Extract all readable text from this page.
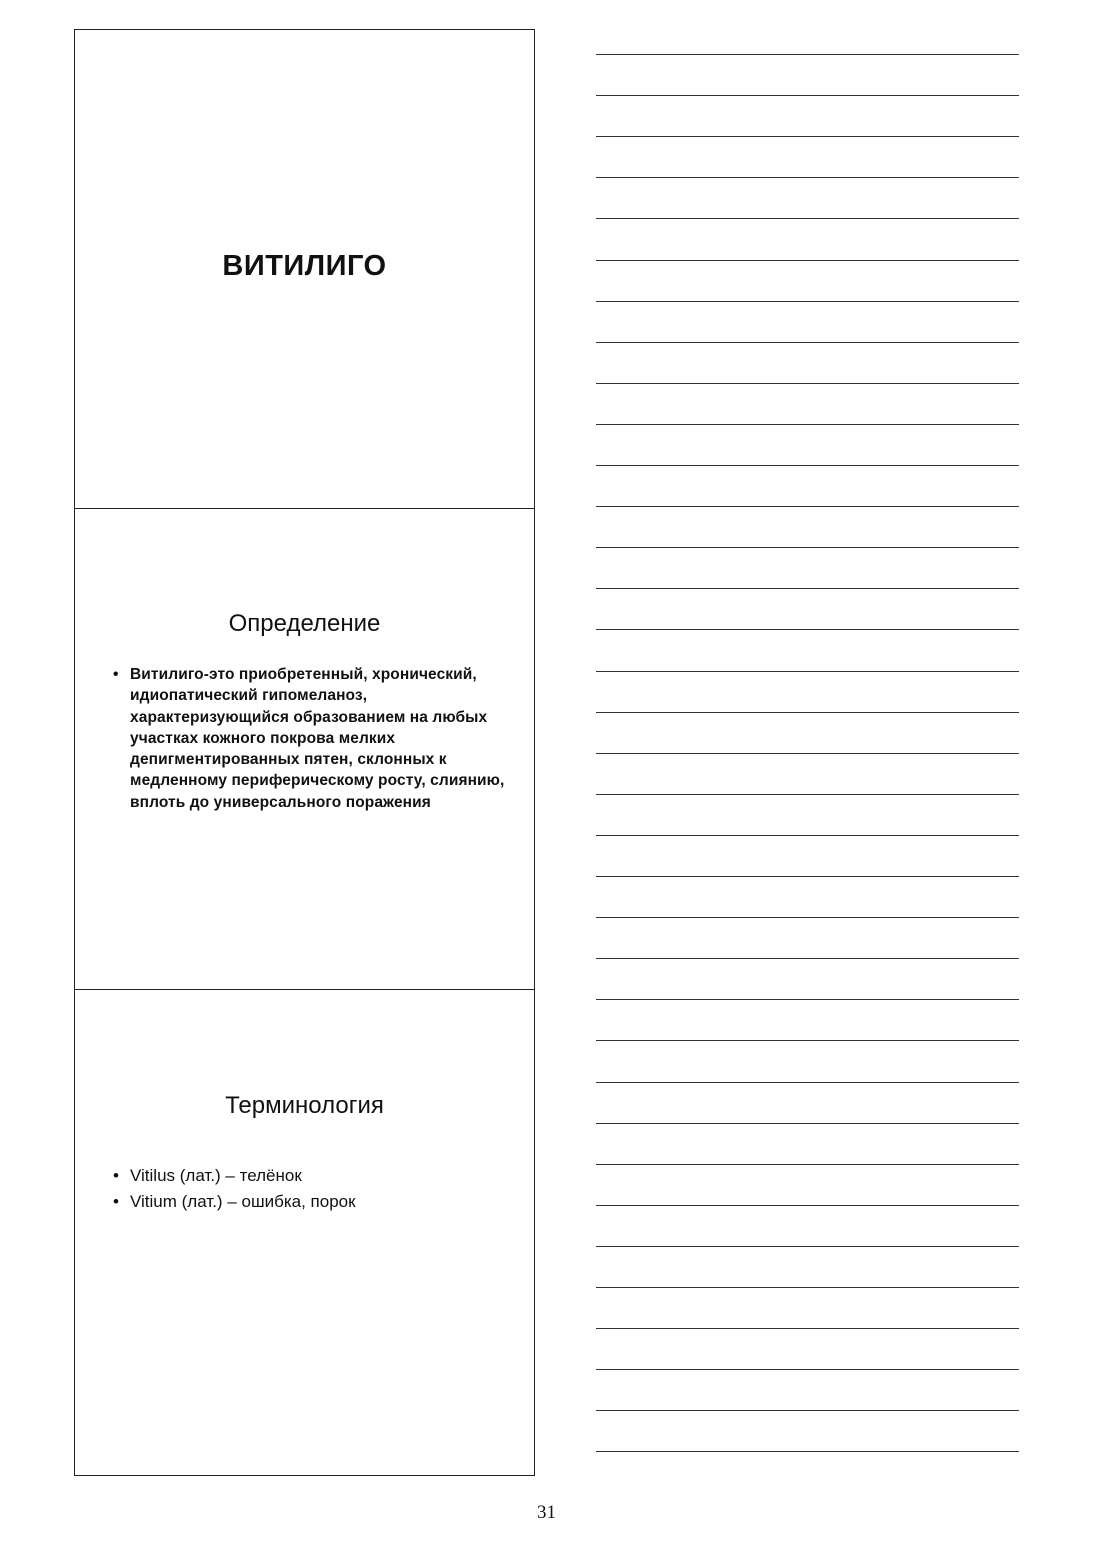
ВИТИЛИГО
Определение
• Витилиго-это приобретенный, хронический, идиопатический гипомеланоз, характеризующийся образованием на любых участках кожного покрова мелких депигментированных пятен, склонных к медленному периферическому росту, слиянию, вплоть до универсального поражения
Терминология
• Vitilus (лат.) – телёнок
• Vitium (лат.) – ошибка, порок
31
